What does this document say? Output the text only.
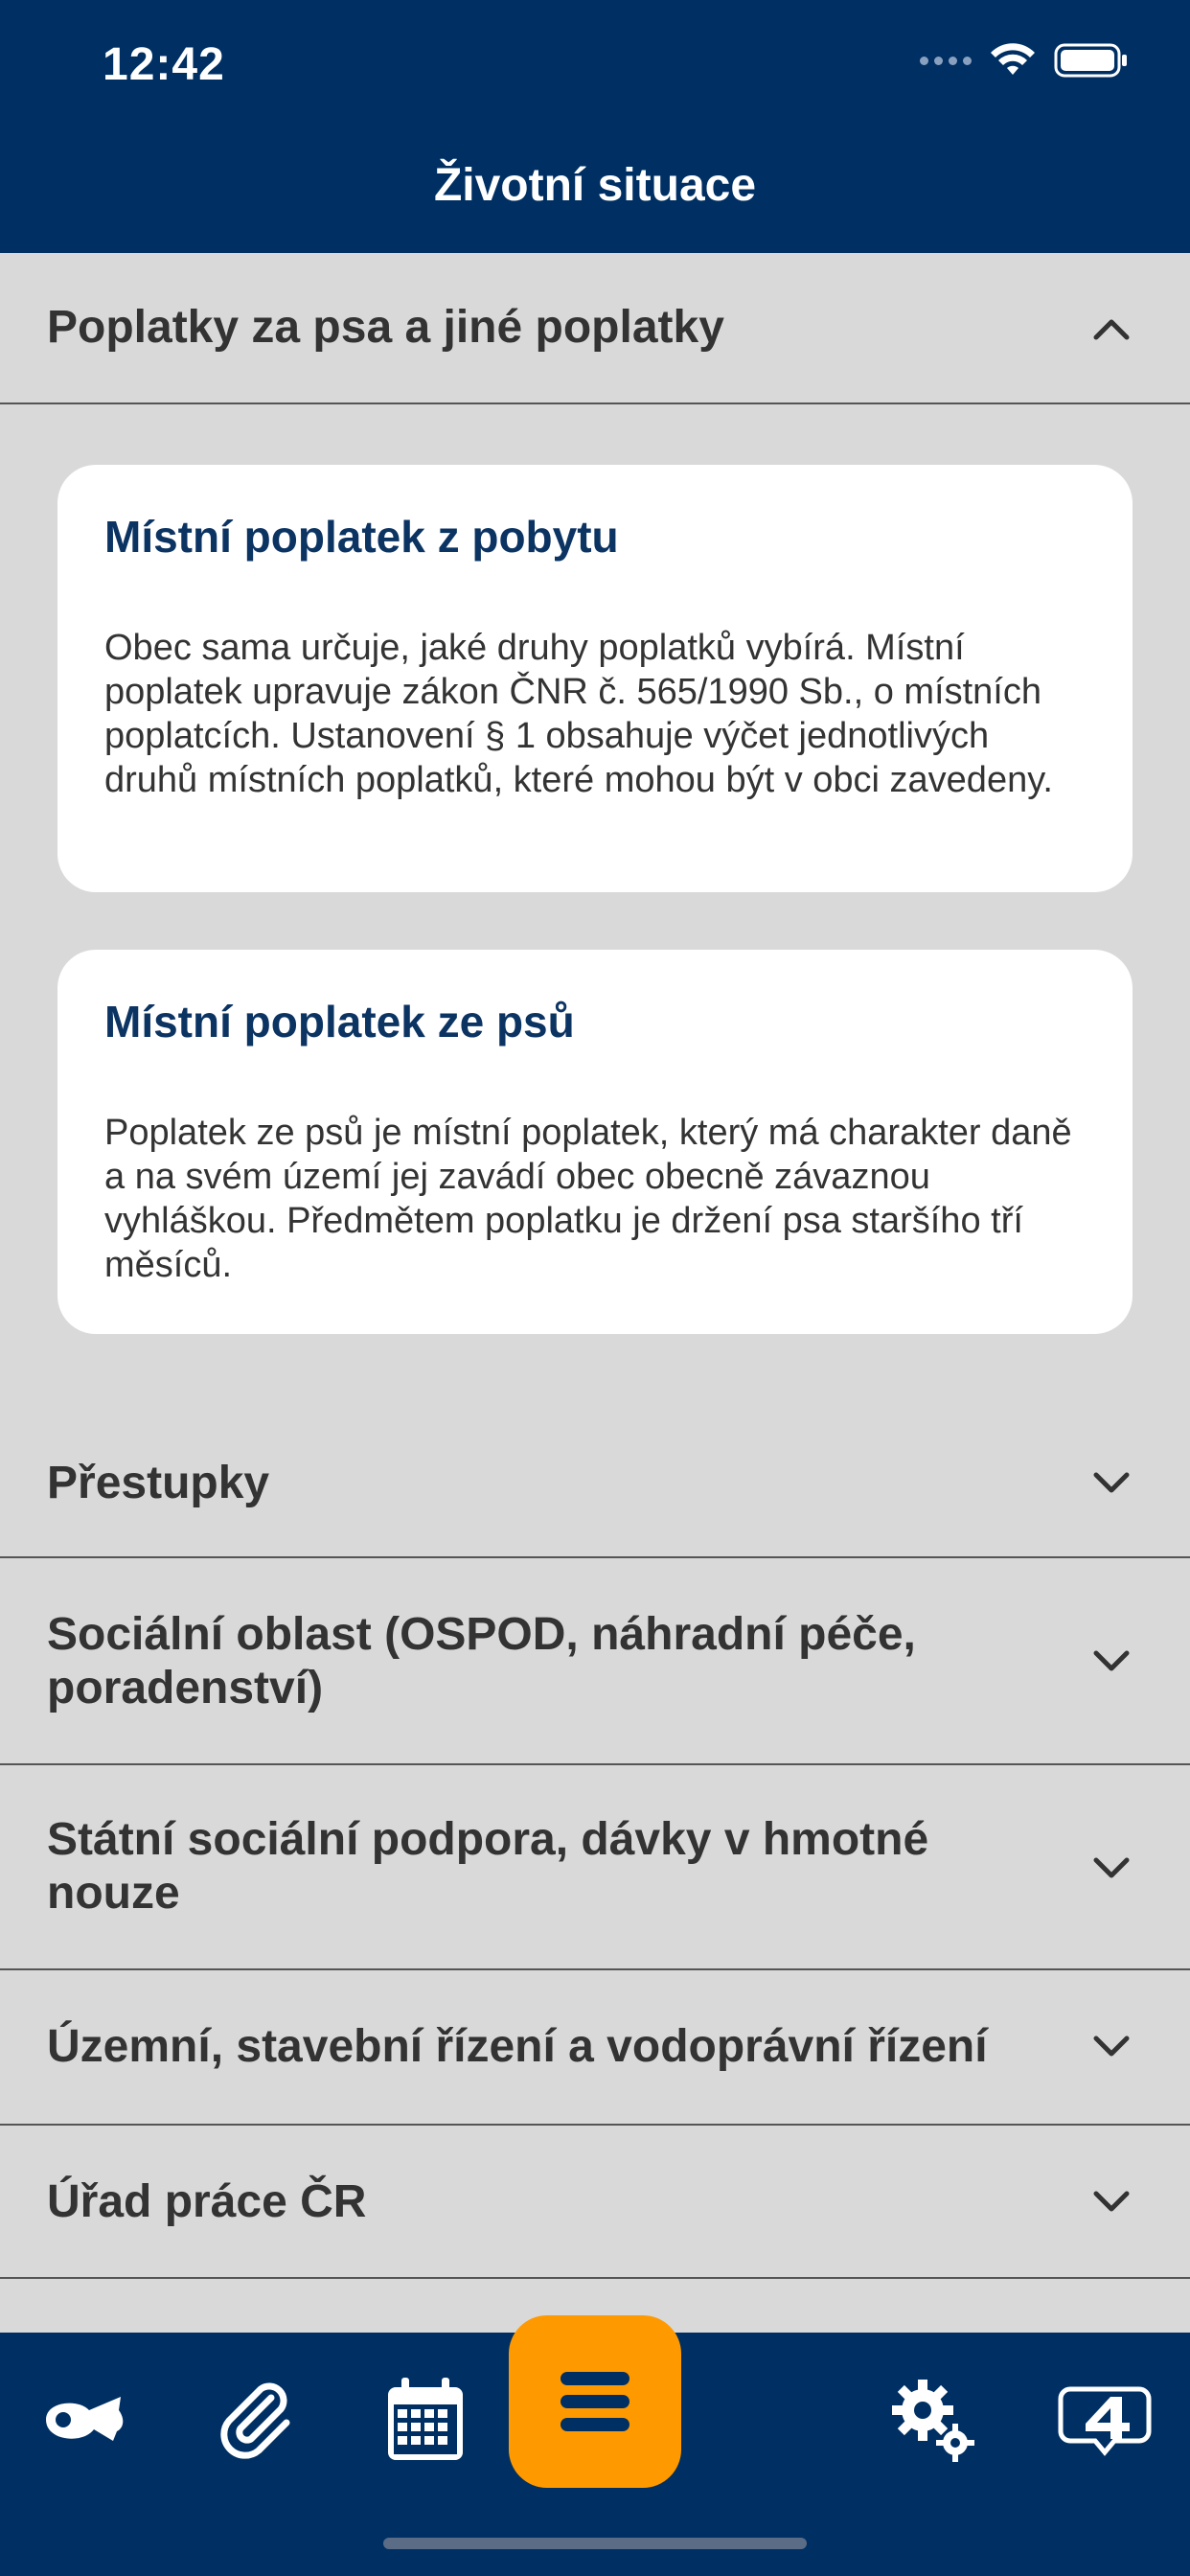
12:42
Životní situace
Poplatky za psa a jiné poplatky
Místní poplatek z pobytu
Obec sama určuje, jaké druhy poplatků vybírá. Místní poplatek upravuje zákon ČNR č. 565/1990 Sb., o místních poplatcích. Ustanovení § 1 obsahuje výčet jednotlivých druhů místních poplatků, které mohou být v obci zavedeny.
Místní poplatek ze psů
Poplatek ze psů je místní poplatek, který má charakter daně a na svém území jej zavádí obec obecně závaznou vyhláškou. Předmětem poplatku je držení psa staršího tří měsíců.
Přestupky
Sociální oblast (OSPOD, náhradní péče, poradenství)
Státní sociální podpora, dávky v hmotné nouze
Územní, stavební řízení a vodoprávní řízení
Úřad práce ČR
